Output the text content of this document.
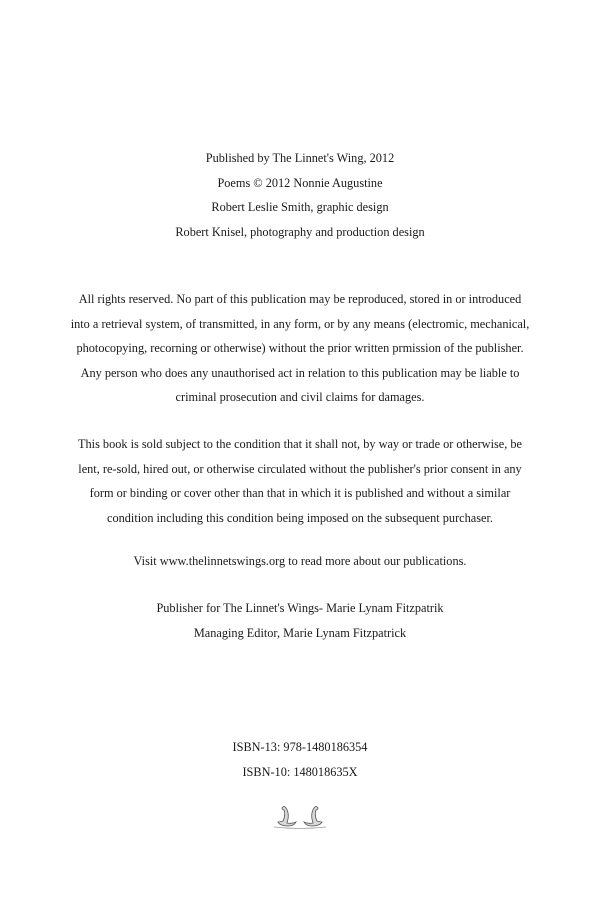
Published by The Linnet's Wing, 2012
Poems © 2012 Nonnie Augustine
Robert Leslie Smith, graphic design
Robert Knisel, photography and production design
All rights reserved. No part of this publication may be reproduced, stored in or introduced
into a retrieval system, of transmitted, in any form, or by any means (electromic, mechanical,
photocopying, recorning or otherwise) without the prior written prmission of the publisher.
Any person who does any unauthorised act in relation to this publication may be liable to
criminal prosecution and civil claims for damages.
This book is sold subject to the condition that it shall not, by way or trade or otherwise, be
lent, re-sold, hired out, or otherwise circulated without the publisher's prior consent in any
form or binding or cover other than that in which it is published and without a similar
condition including this condition being imposed on the subsequent purchaser.
Visit www.thelinnetswings.org to read more about our publications.
Publisher for The Linnet's Wings- Marie Lynam Fitzpatrik
Managing Editor, Marie Lynam Fitzpatrick
ISBN-13: 978-1480186354
ISBN-10: 148018635X
